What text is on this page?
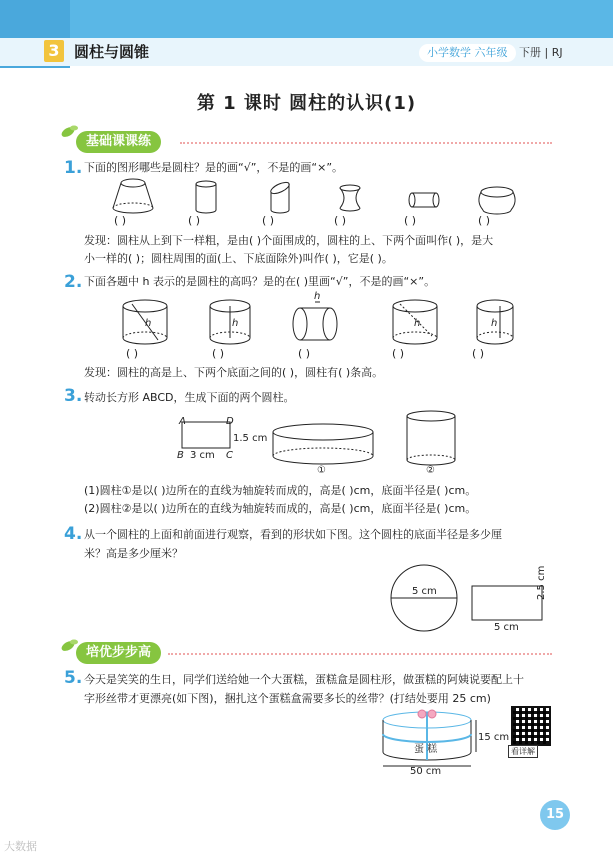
3 圆柱与圆锥	小学数学 六年级	下册 | RJ
第 1 课时 圆柱的认识(1)
基础课课练
1. 下面的图形哪些是圆柱？是的画“√”，不是的画“×”。
( )	( )	( )	( )	( )	( )
发现：圆柱从上到下一样粗，是由( )个面围成的，圆柱的上、下两个面叫作( )，是大
小一样的( )；圆柱周围的面(上、下底面除外)叫作( )，它是( )。
2. 下面各题中 h 表示的是圆柱的高吗？是的在( )里画“√”，不是的画“×”。
h	h
h
h	h
( )	( )	( )	( )	( )
发现：圆柱的高是上、下两个底面之间的( )，圆柱有( )条高。
3. 转动长方形 ABCD，生成下面的两个圆柱。
A	D
B	C
3 cm
1.5 cm
①	②
(1)圆柱①是以( )边所在的直线为轴旋转而成的，高是( )cm，底面半径是( )cm。
(2)圆柱②是以( )边所在的直线为轴旋转而成的，高是( )cm，底面半径是( )cm。
4. 从一个圆柱的上面和前面进行观察，看到的形状如下图。这个圆柱的底面半径是多少厘
米？高是多少厘米？
5 cm
5 cm
2.5 cm
培优步步高
5. 今天是笑笑的生日，同学们送给她一个大蛋糕，蛋糕盒是圆柱形，做蛋糕的阿姨说要配上十
字形丝带才更漂亮(如下图)，捆扎这个蛋糕盒需要多长的丝带？(打结处要用 25 cm)
蛋 糕
15 cm
50 cm
看详解
15
大数据
